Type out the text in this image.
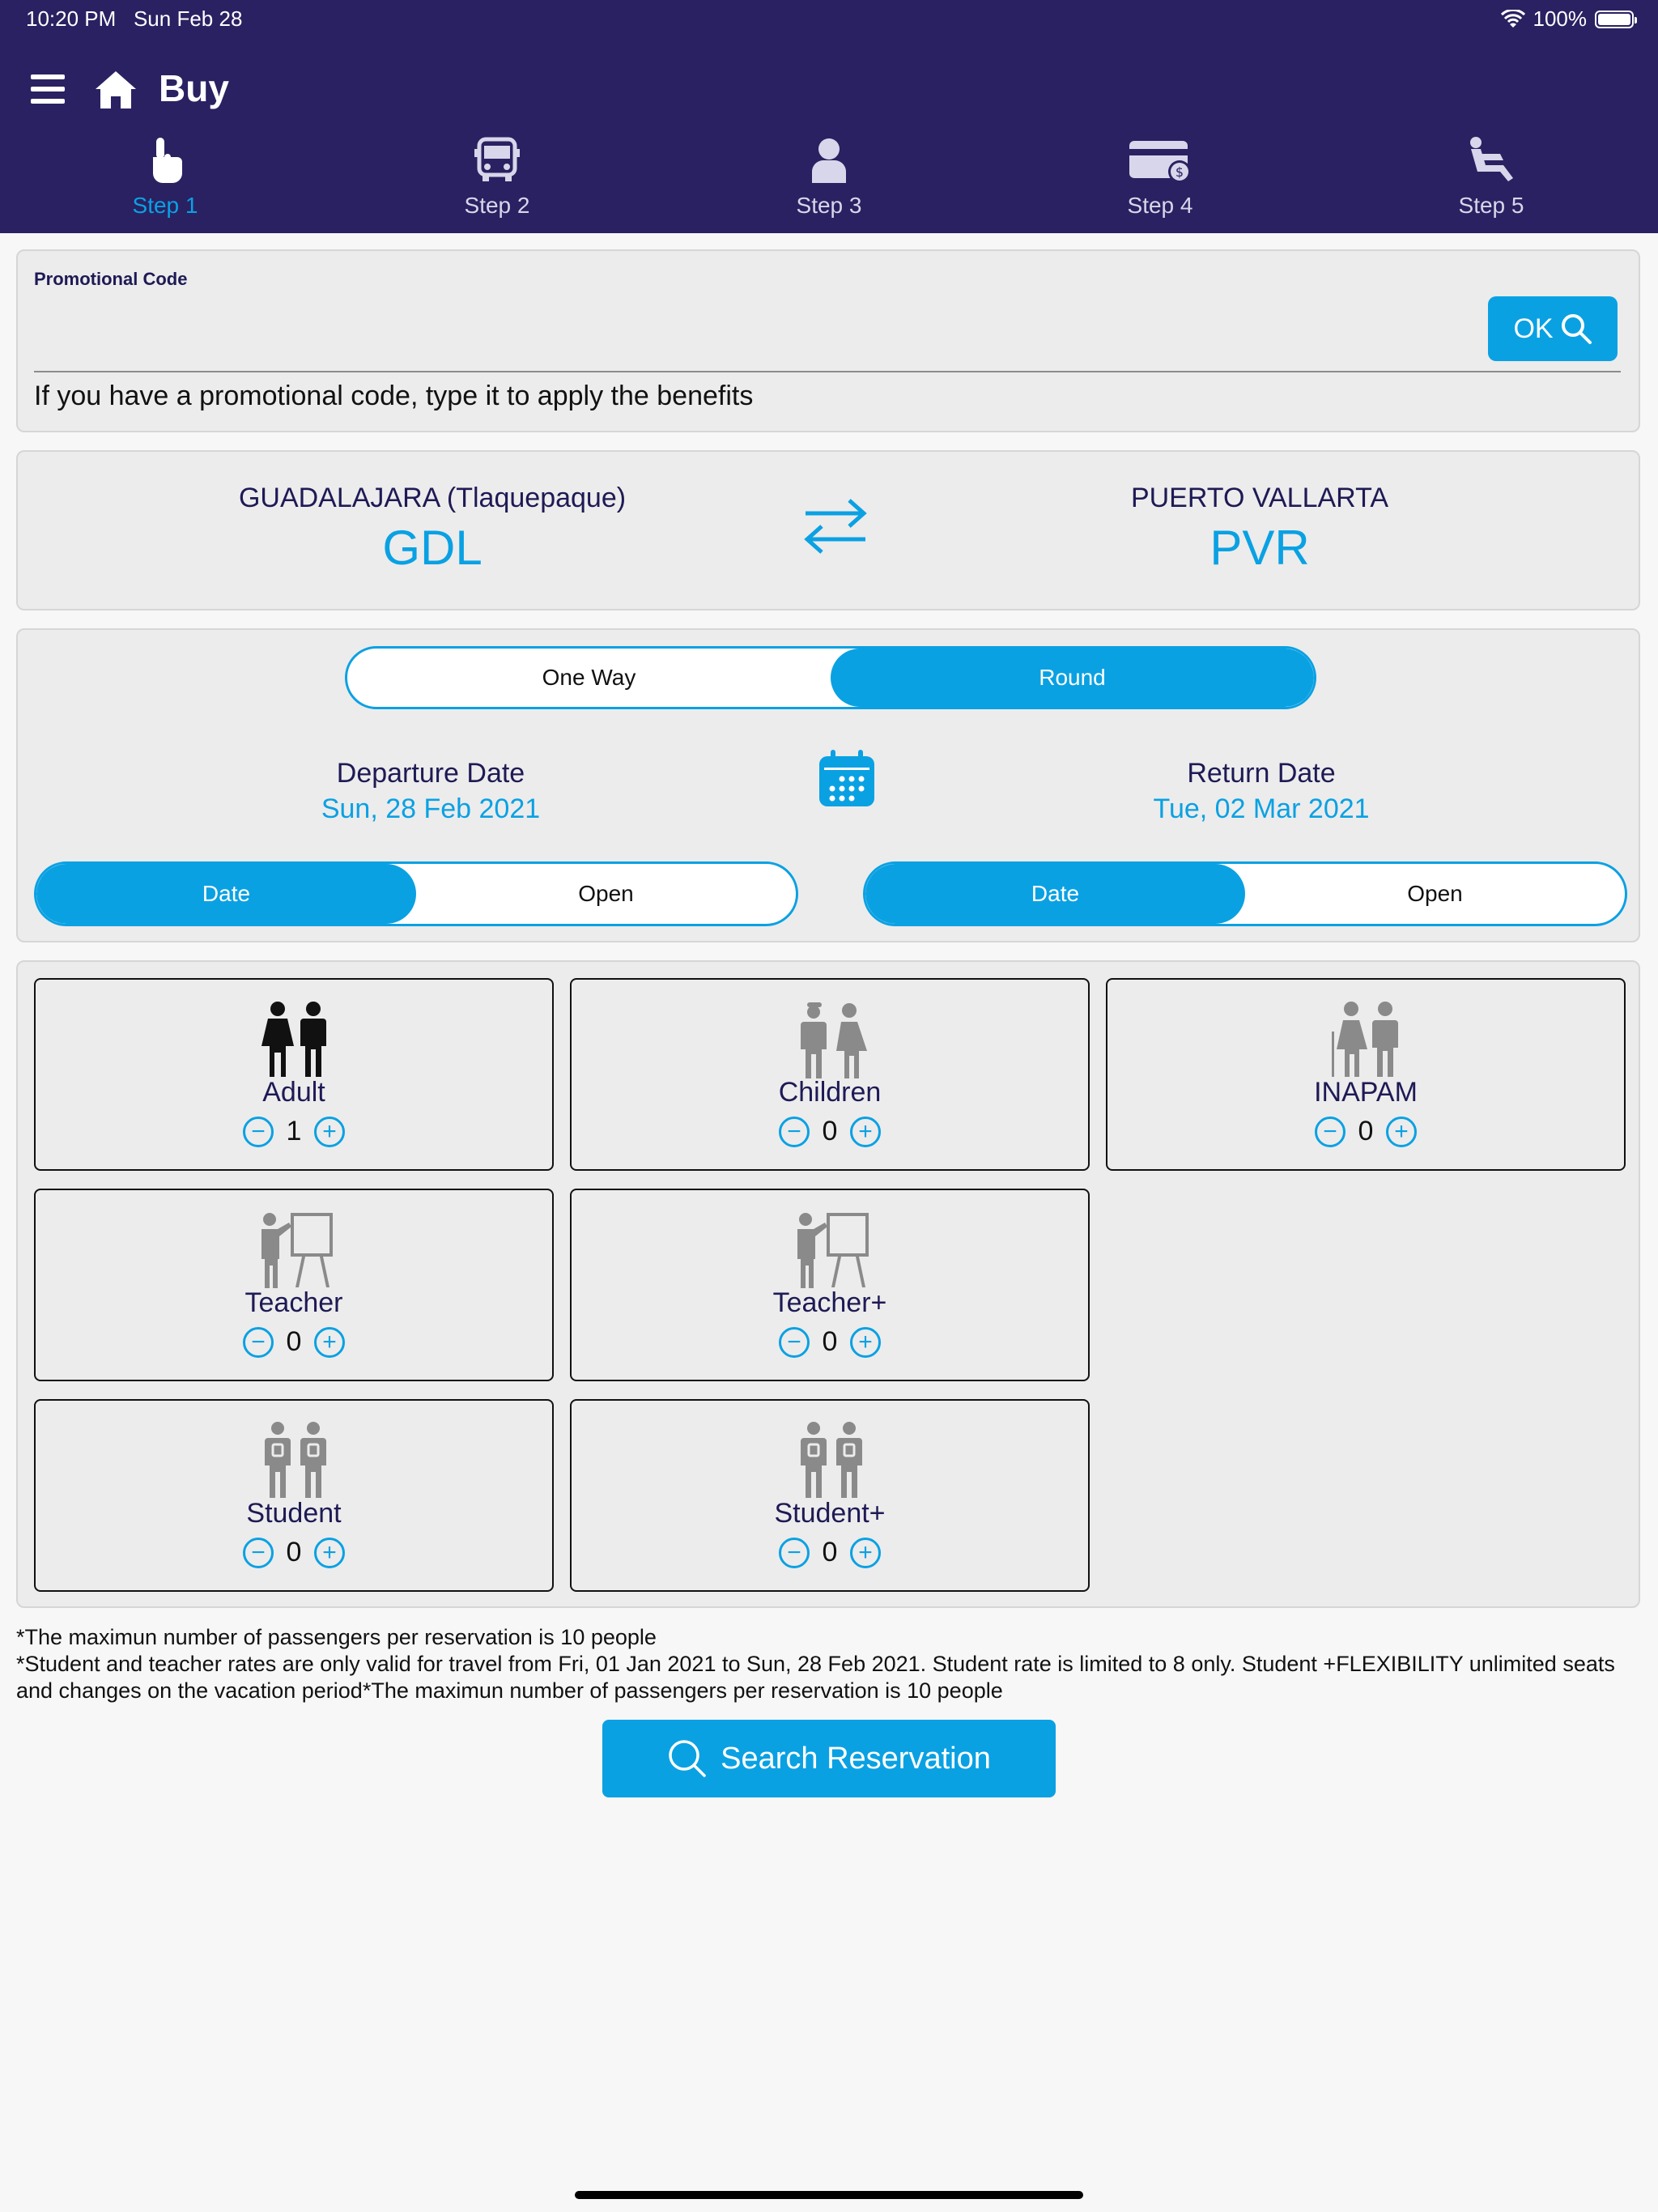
10:20 PM Sun Feb 28	100%
Buy
Step 1	Step 2	Step 3
$
Step 4	Step 5
Promotional Code
OK
If you have a promotional code, type it to apply the benefits
GUADALAJARA (Tlaquepaque)
GDL
PUERTO VALLARTA
PVR
One Way	Round
Departure Date
Sun, 28 Feb 2021
Return Date
Tue, 02 Mar 2021
Date	Open	Date	Open
Adult
− 1 +
Children
− 0 +
INAPAM
− 0 +
Teacher
− 0 +
Teacher+
− 0 +
Student
− 0 +
Student+
− 0 +

*The maximun number of passengers per reservation is 10 people

*Student and teacher rates are only valid for travel from Fri, 01 Jan 2021 to Sun, 28 Feb 2021. Student rate is limited to 8 only. Student +FLEXIBILITY unlimited seats and changes on the vacation period*The maximun number of passengers per reservation is 10 people

Search Reservation
